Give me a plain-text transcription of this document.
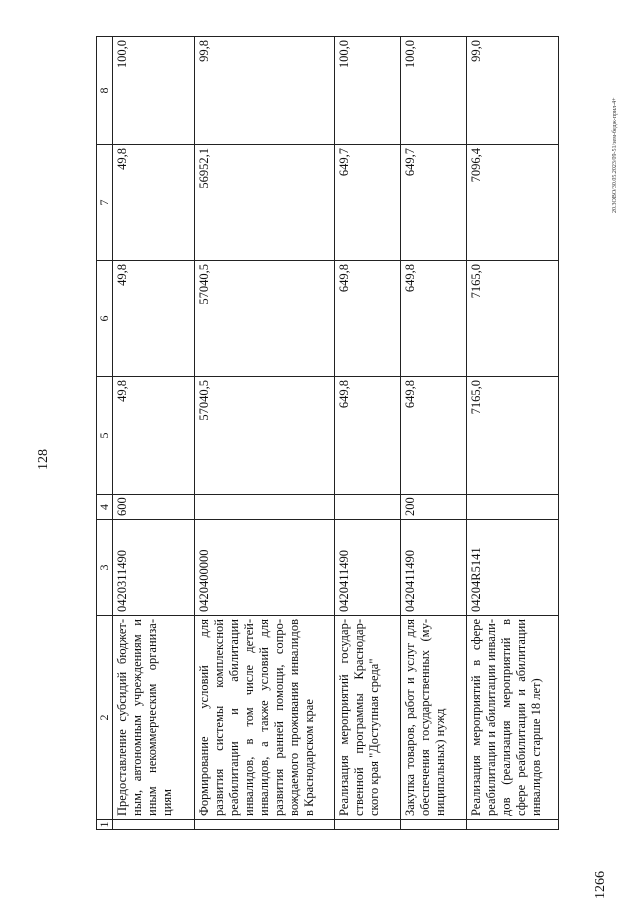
128
1266
20.3ОВО/30.05.2023/09-51/зем-бедж-прил-4+
1	2	3	4	5	6	7	8
	Предоставление субсидий бюджет-ным, автономным учреждениям и иным некоммерческим организа-циям	0420311490	600	49,8	49,8	49,8	100,0
	Формирование условий для развития системы комплексной реабилитации и абилитации инвалидов, в том числе детей-инвалидов, а также условий для развития ранней помощи, сопро-вождаемого проживания инвалидов в Краснодарском крае	0420400000		57040,5	57040,5	56952,1	99,8
	Реализация мероприятий государ-ственной программы Краснодар-ского края "Доступная среда"	0420411490		649,8	649,8	649,7	100,0
	Закупка товаров, работ и услуг для обеспечения государственных (му-ниципальных) нужд	0420411490	200	649,8	649,8	649,7	100,0
	Реализация мероприятий в сфере реабилитации и абилитации инвали-дов (реализация мероприятий в сфере реабилитации и абилитации инвалидов старше 18 лет)	04204R5141		7165,0	7165,0	7096,4	99,0
